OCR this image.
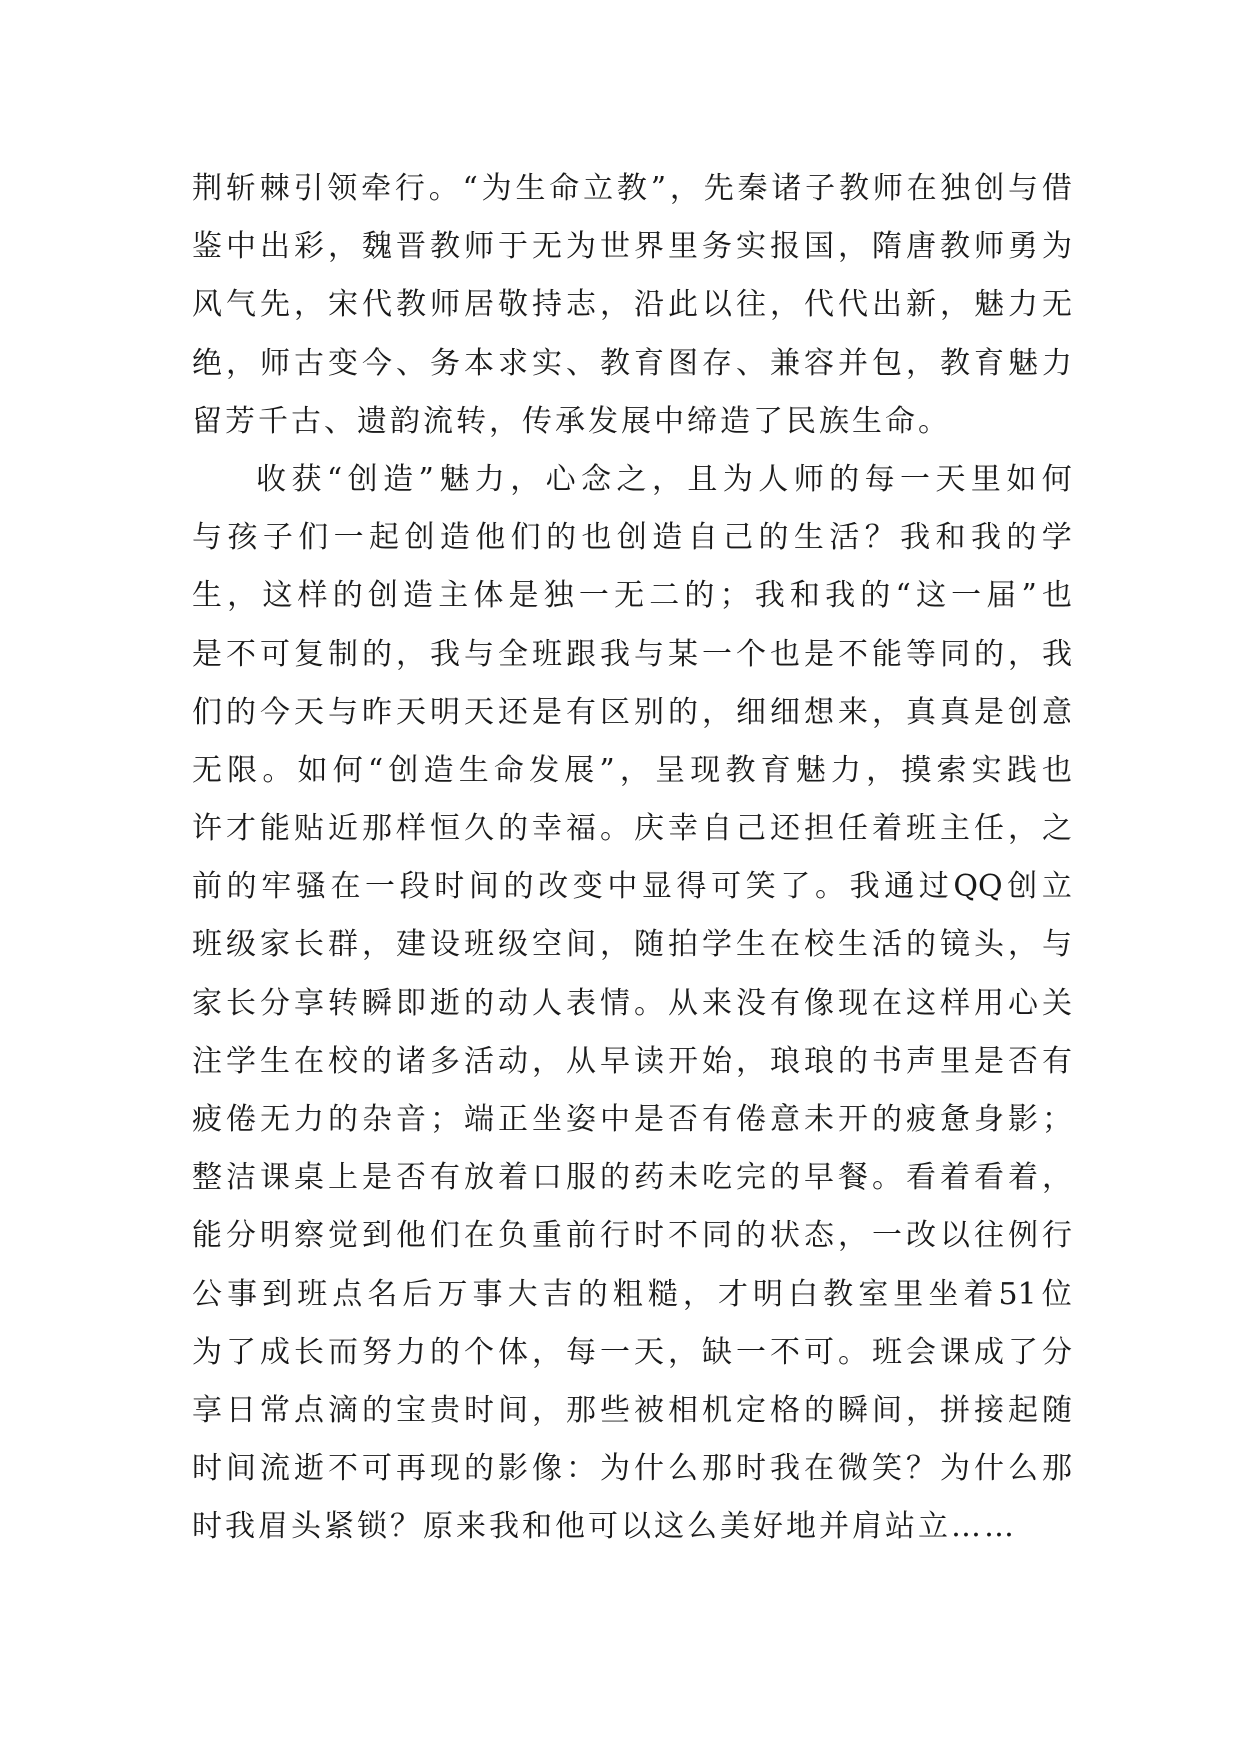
荆 斩 棘 引 领 牵 行 。 “ 为 生 命 立 教 ” ， 先 秦 诸 子 教 师 在 独 创 与 借
鉴 中 出 彩 ， 魏 晋 教 师 于 无 为 世 界 里 务 实 报 国 ， 隋 唐 教 师 勇 为
风 气 先 ， 宋 代 教 师 居 敬 持 志 ， 沿 此 以 往 ， 代 代 出 新 ， 魅 力 无
绝 ， 师 古 变 今 、 务 本 求 实 、 教 育 图 存 、 兼 容 并 包 ， 教 育 魅 力
留芳千古、遗韵流转，传承发展中缔造了民族生命。
收 获 “ 创 造 ” 魅 力 ， 心 念 之 ， 且 为 人 师 的 每 一 天 里 如 何
与 孩 子 们 一 起 创 造 他 们 的 也 创 造 自 己 的 生 活 ？ 我 和 我 的 学
生 ， 这 样 的 创 造 主 体 是 独 一 无 二 的 ； 我 和 我 的 “ 这 一 届 ” 也
是 不 可 复 制 的 ， 我 与 全 班 跟 我 与 某 一 个 也 是 不 能 等 同 的 ， 我
们 的 今 天 与 昨 天 明 天 还 是 有 区 别 的 ， 细 细 想 来 ， 真 真 是 创 意
无 限 。 如 何 “ 创 造 生 命 发 展 ” ， 呈 现 教 育 魅 力 ， 摸 索 实 践 也
许 才 能 贴 近 那 样 恒 久 的 幸 福 。 庆 幸 自 己 还 担 任 着 班 主 任 ， 之
前 的 牢 骚 在 一 段 时 间 的 改 变 中 显 得 可 笑 了 。 我 通 过 QQ 创 立
班 级 家 长 群 ， 建 设 班 级 空 间 ， 随 拍 学 生 在 校 生 活 的 镜 头 ， 与
家 长 分 享 转 瞬 即 逝 的 动 人 表 情 。 从 来 没 有 像 现 在 这 样 用 心 关
注 学 生 在 校 的 诸 多 活 动 ， 从 早 读 开 始 ， 琅 琅 的 书 声 里 是 否 有
疲 倦 无 力 的 杂 音 ； 端 正 坐 姿 中 是 否 有 倦 意 未 开 的 疲 惫 身 影 ；
整 洁 课 桌 上 是 否 有 放 着 口 服 的 药 未 吃 完 的 早 餐 。 看 着 看 着 ，
能 分 明 察 觉 到 他 们 在 负 重 前 行 时 不 同 的 状 态 ， 一 改 以 往 例 行
公 事 到 班 点 名 后 万 事 大 吉 的 粗 糙 ， 才 明 白 教 室 里 坐 着 51 位
为 了 成 长 而 努 力 的 个 体 ， 每 一 天 ， 缺 一 不 可 。 班 会 课 成 了 分
享 日 常 点 滴 的 宝 贵 时 间 ， 那 些 被 相 机 定 格 的 瞬 间 ， 拼 接 起 随
时 间 流 逝 不 可 再 现 的 影 像 ： 为 什 么 那 时 我 在 微 笑 ？ 为 什 么 那
时我眉头紧锁？原来我和他可以这么美好地并肩站立……
